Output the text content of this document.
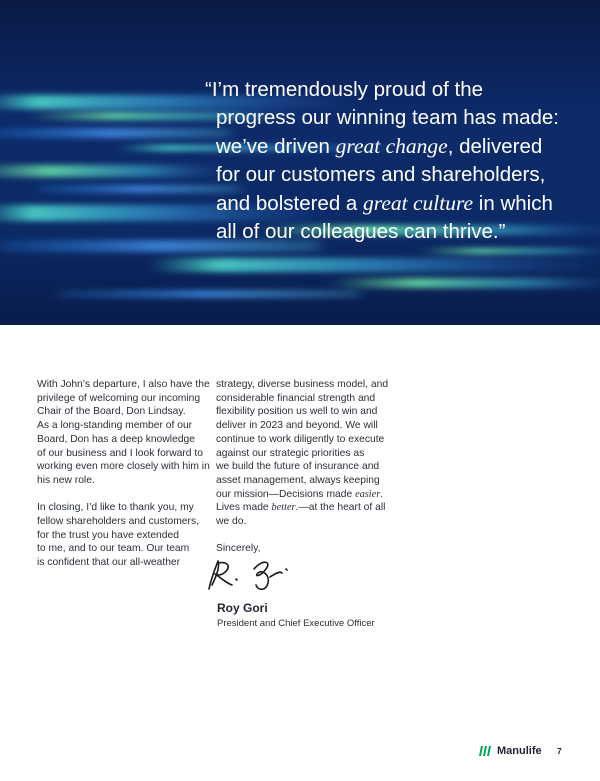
“I’m tremendously proud of the
progress our winning team has made:
we’ve driven great change, delivered
for our customers and shareholders,
and bolstered a great culture in which
all of our colleagues can thrive.”

With John’s departure, I also have the
privilege of welcoming our incoming
Chair of the Board, Don Lindsay.
As a long-standing member of our
Board, Don has a deep knowledge
of our business and I look forward to
working even more closely with him in
his new role.
In closing, I’d like to thank you, my
fellow shareholders and customers,
for the trust you have extended
to me, and to our team. Our team
is confident that our all-weather
strategy, diverse business model, and
considerable financial strength and
flexibility position us well to win and
deliver in 2023 and beyond. We will
continue to work diligently to execute
against our strategic priorities as
we build the future of insurance and
asset management, always keeping
our mission—Decisions made easier.
Lives made better.—at the heart of all
we do.
Sincerely,
Roy Gori
President and Chief Executive Officer
Manulife 7
